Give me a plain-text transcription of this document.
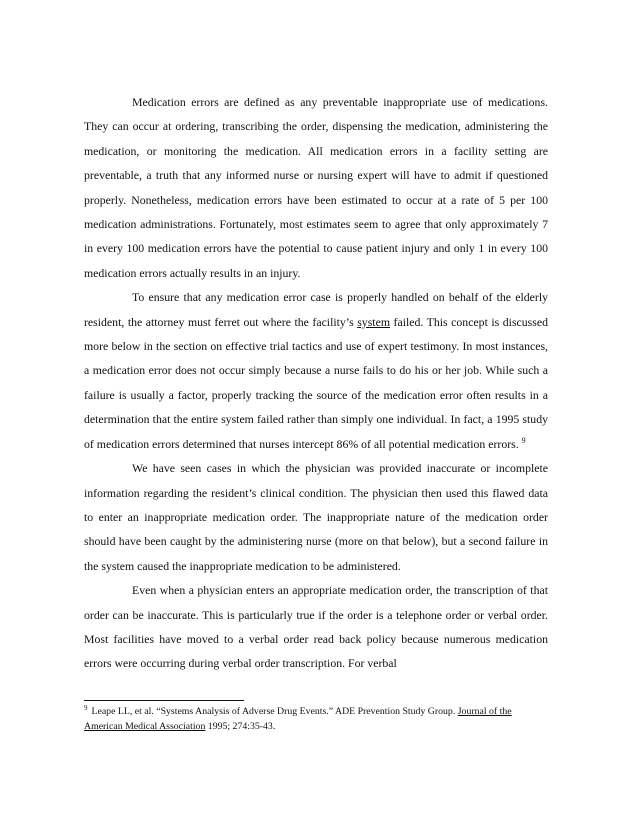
Medication errors are defined as any preventable inappropriate use of medications. They can occur at ordering, transcribing the order, dispensing the medication, administering the medication, or monitoring the medication. All medication errors in a facility setting are preventable, a truth that any informed nurse or nursing expert will have to admit if questioned properly. Nonetheless, medication errors have been estimated to occur at a rate of 5 per 100 medication administrations. Fortunately, most estimates seem to agree that only approximately 7 in every 100 medication errors have the potential to cause patient injury and only 1 in every 100 medication errors actually results in an injury.

To ensure that any medication error case is properly handled on behalf of the elderly resident, the attorney must ferret out where the facility’s system failed. This concept is discussed more below in the section on effective trial tactics and use of expert testimony. In most instances, a medication error does not occur simply because a nurse fails to do his or her job. While such a failure is usually a factor, properly tracking the source of the medication error often results in a determination that the entire system failed rather than simply one individual. In fact, a 1995 study of medication errors determined that nurses intercept 86% of all potential medication errors. $^9$

We have seen cases in which the physician was provided inaccurate or incomplete information regarding the resident’s clinical condition. The physician then used this flawed data to enter an inappropriate medication order. The inappropriate nature of the medication order should have been caught by the administering nurse (more on that below), but a second failure in the system caused the inappropriate medication to be administered.

Even when a physician enters an appropriate medication order, the transcription of that order can be inaccurate. This is particularly true if the order is a telephone order or verbal order. Most facilities have moved to a verbal order read back policy because numerous medication errors were occurring during verbal order transcription. For verbal

$^9$ Leape LL, et al. “Systems Analysis of Adverse Drug Events.” ADE Prevention Study Group. Journal of the American Medical Association 1995; 274:35-43.
